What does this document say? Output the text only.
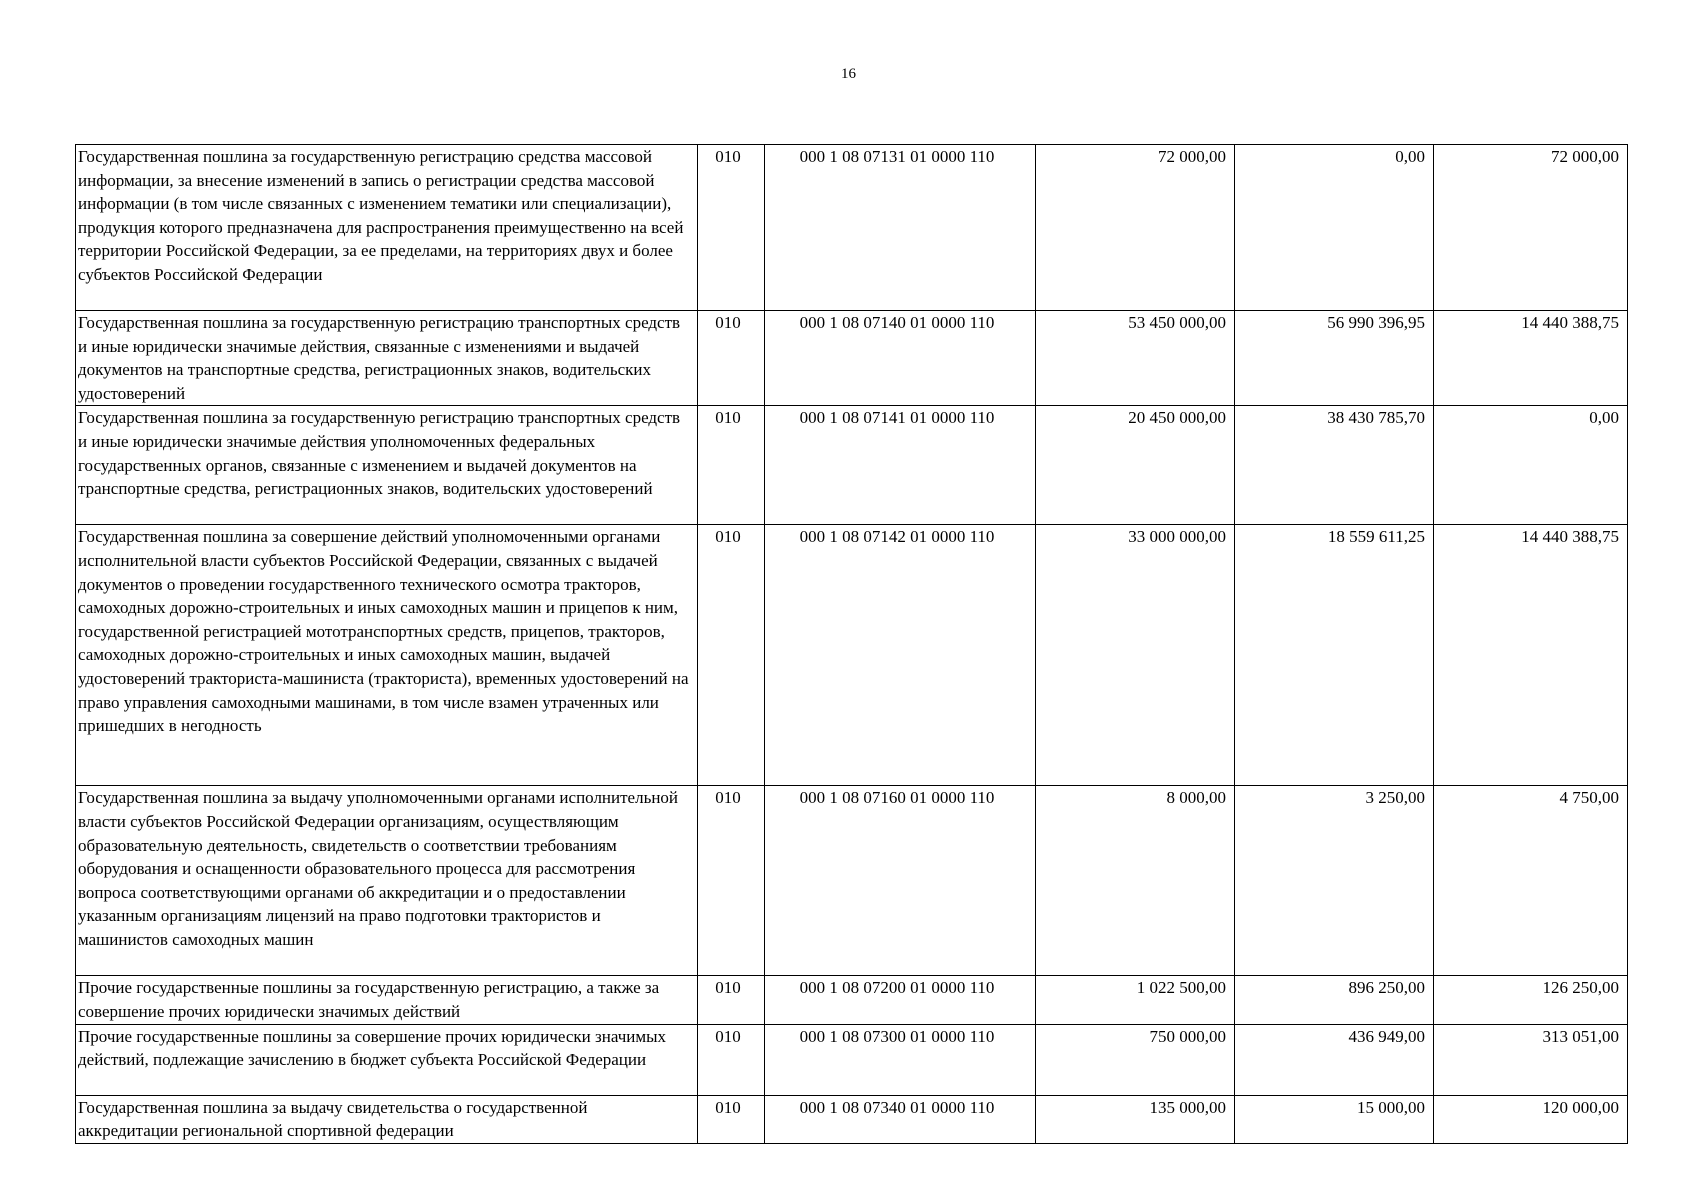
16
Государственная пошлина за государственную регистрацию средства массовой информации, за внесение изменений в запись о регистрации средства массовой информации (в том числе связанных с изменением тематики или специализации), продукция которого предназначена для распространения преимущественно на всей территории Российской Федерации, за ее пределами, на территориях двух и более субъектов Российской Федерации	010	000 1 08 07131 01 0000 110	72 000,00	0,00	72 000,00
Государственная пошлина за государственную регистрацию транспортных средств и иные юридически значимые действия, связанные с изменениями и выдачей документов на транспортные средства, регистрационных знаков, водительских удостоверений	010	000 1 08 07140 01 0000 110	53 450 000,00	56 990 396,95	14 440 388,75
Государственная пошлина за государственную регистрацию транспортных средств и иные юридически значимые действия уполномоченных федеральных государственных органов, связанные с изменением и выдачей документов на транспортные средства, регистрационных знаков, водительских удостоверений	010	000 1 08 07141 01 0000 110	20 450 000,00	38 430 785,70	0,00
Государственная пошлина за совершение действий уполномоченными органами исполнительной власти субъектов Российской Федерации, связанных с выдачей документов о проведении государственного технического осмотра тракторов, самоходных дорожно-строительных и иных самоходных машин и прицепов к ним, государственной регистрацией мототранспортных средств, прицепов, тракторов, самоходных дорожно-строительных и иных самоходных машин, выдачей удостоверений тракториста-машиниста (тракториста), временных удостоверений на право управления самоходными машинами, в том числе взамен утраченных или пришедших в негодность	010	000 1 08 07142 01 0000 110	33 000 000,00	18 559 611,25	14 440 388,75
Государственная пошлина за выдачу уполномоченными органами исполнительной власти субъектов Российской Федерации организациям, осуществляющим образовательную деятельность, свидетельств о соответствии требованиям оборудования и оснащенности образовательного процесса для рассмотрения вопроса соответствующими органами об аккредитации и о предоставлении указанным организациям лицензий на право подготовки трактористов и машинистов самоходных машин	010	000 1 08 07160 01 0000 110	8 000,00	3 250,00	4 750,00
Прочие государственные пошлины за государственную регистрацию, а также за совершение прочих юридически значимых действий	010	000 1 08 07200 01 0000 110	1 022 500,00	896 250,00	126 250,00
Прочие государственные пошлины за совершение прочих юридически значимых действий, подлежащие зачислению в бюджет субъекта Российской Федерации	010	000 1 08 07300 01 0000 110	750 000,00	436 949,00	313 051,00
Государственная пошлина за выдачу свидетельства о государственной аккредитации региональной спортивной федерации	010	000 1 08 07340 01 0000 110	135 000,00	15 000,00	120 000,00
